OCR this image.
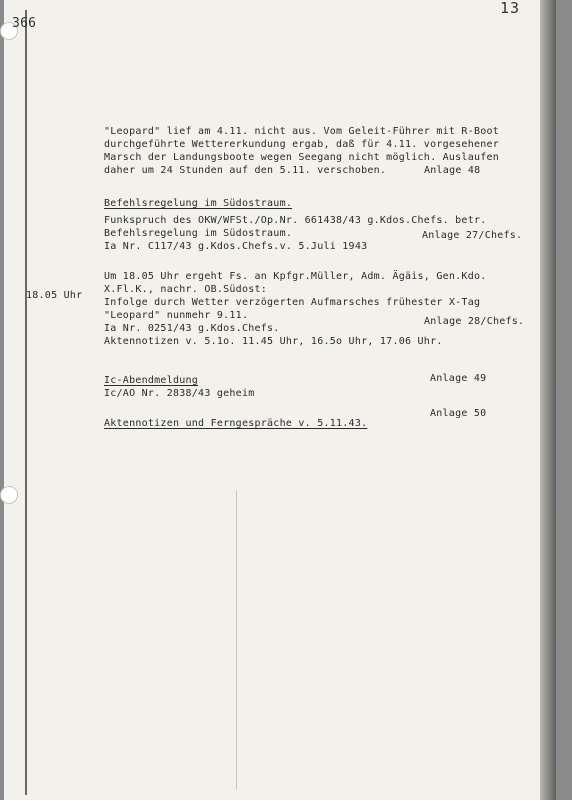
366
13
"Leopard" lief am 4.11. nicht aus. Vom Geleit-Führer mit R-Boot
durchgeführte Wettererkundung ergab, daß für 4.11. vorgesehener
Marsch der Landungsboote wegen Seegang nicht möglich. Auslaufen
daher um 24 Stunden auf den 5.11. verschoben.	Anlage 48
Befehlsregelung im Südostraum.
Funkspruch des OKW/WFSt./Op.Nr. 661438/43 g.Kdos.Chefs. betr.
Befehlsregelung im Südostraum.
Ia Nr. C117/43 g.Kdos.Chefs.v. 5.Juli 1943
Anlage 27/Chefs.
18.05 Uhr
Um 18.05 Uhr ergeht Fs. an Kpfgr.Müller, Adm. Ägäis, Gen.Kdo.
X.Fl.K., nachr. OB.Südost:
Infolge durch Wetter verzögerten Aufmarsches frühester X-Tag
"Leopard" nunmehr 9.11.
Ia Nr. 0251/43 g.Kdos.Chefs.
Aktennotizen v. 5.1o. 11.45 Uhr, 16.5o Uhr, 17.06 Uhr.
Anlage 28/Chefs.
Ic-Abendmeldung
Ic/AO Nr. 2838/43 geheim
Anlage 49
Aktennotizen und Ferngespräche v. 5.11.43.
Anlage 50
